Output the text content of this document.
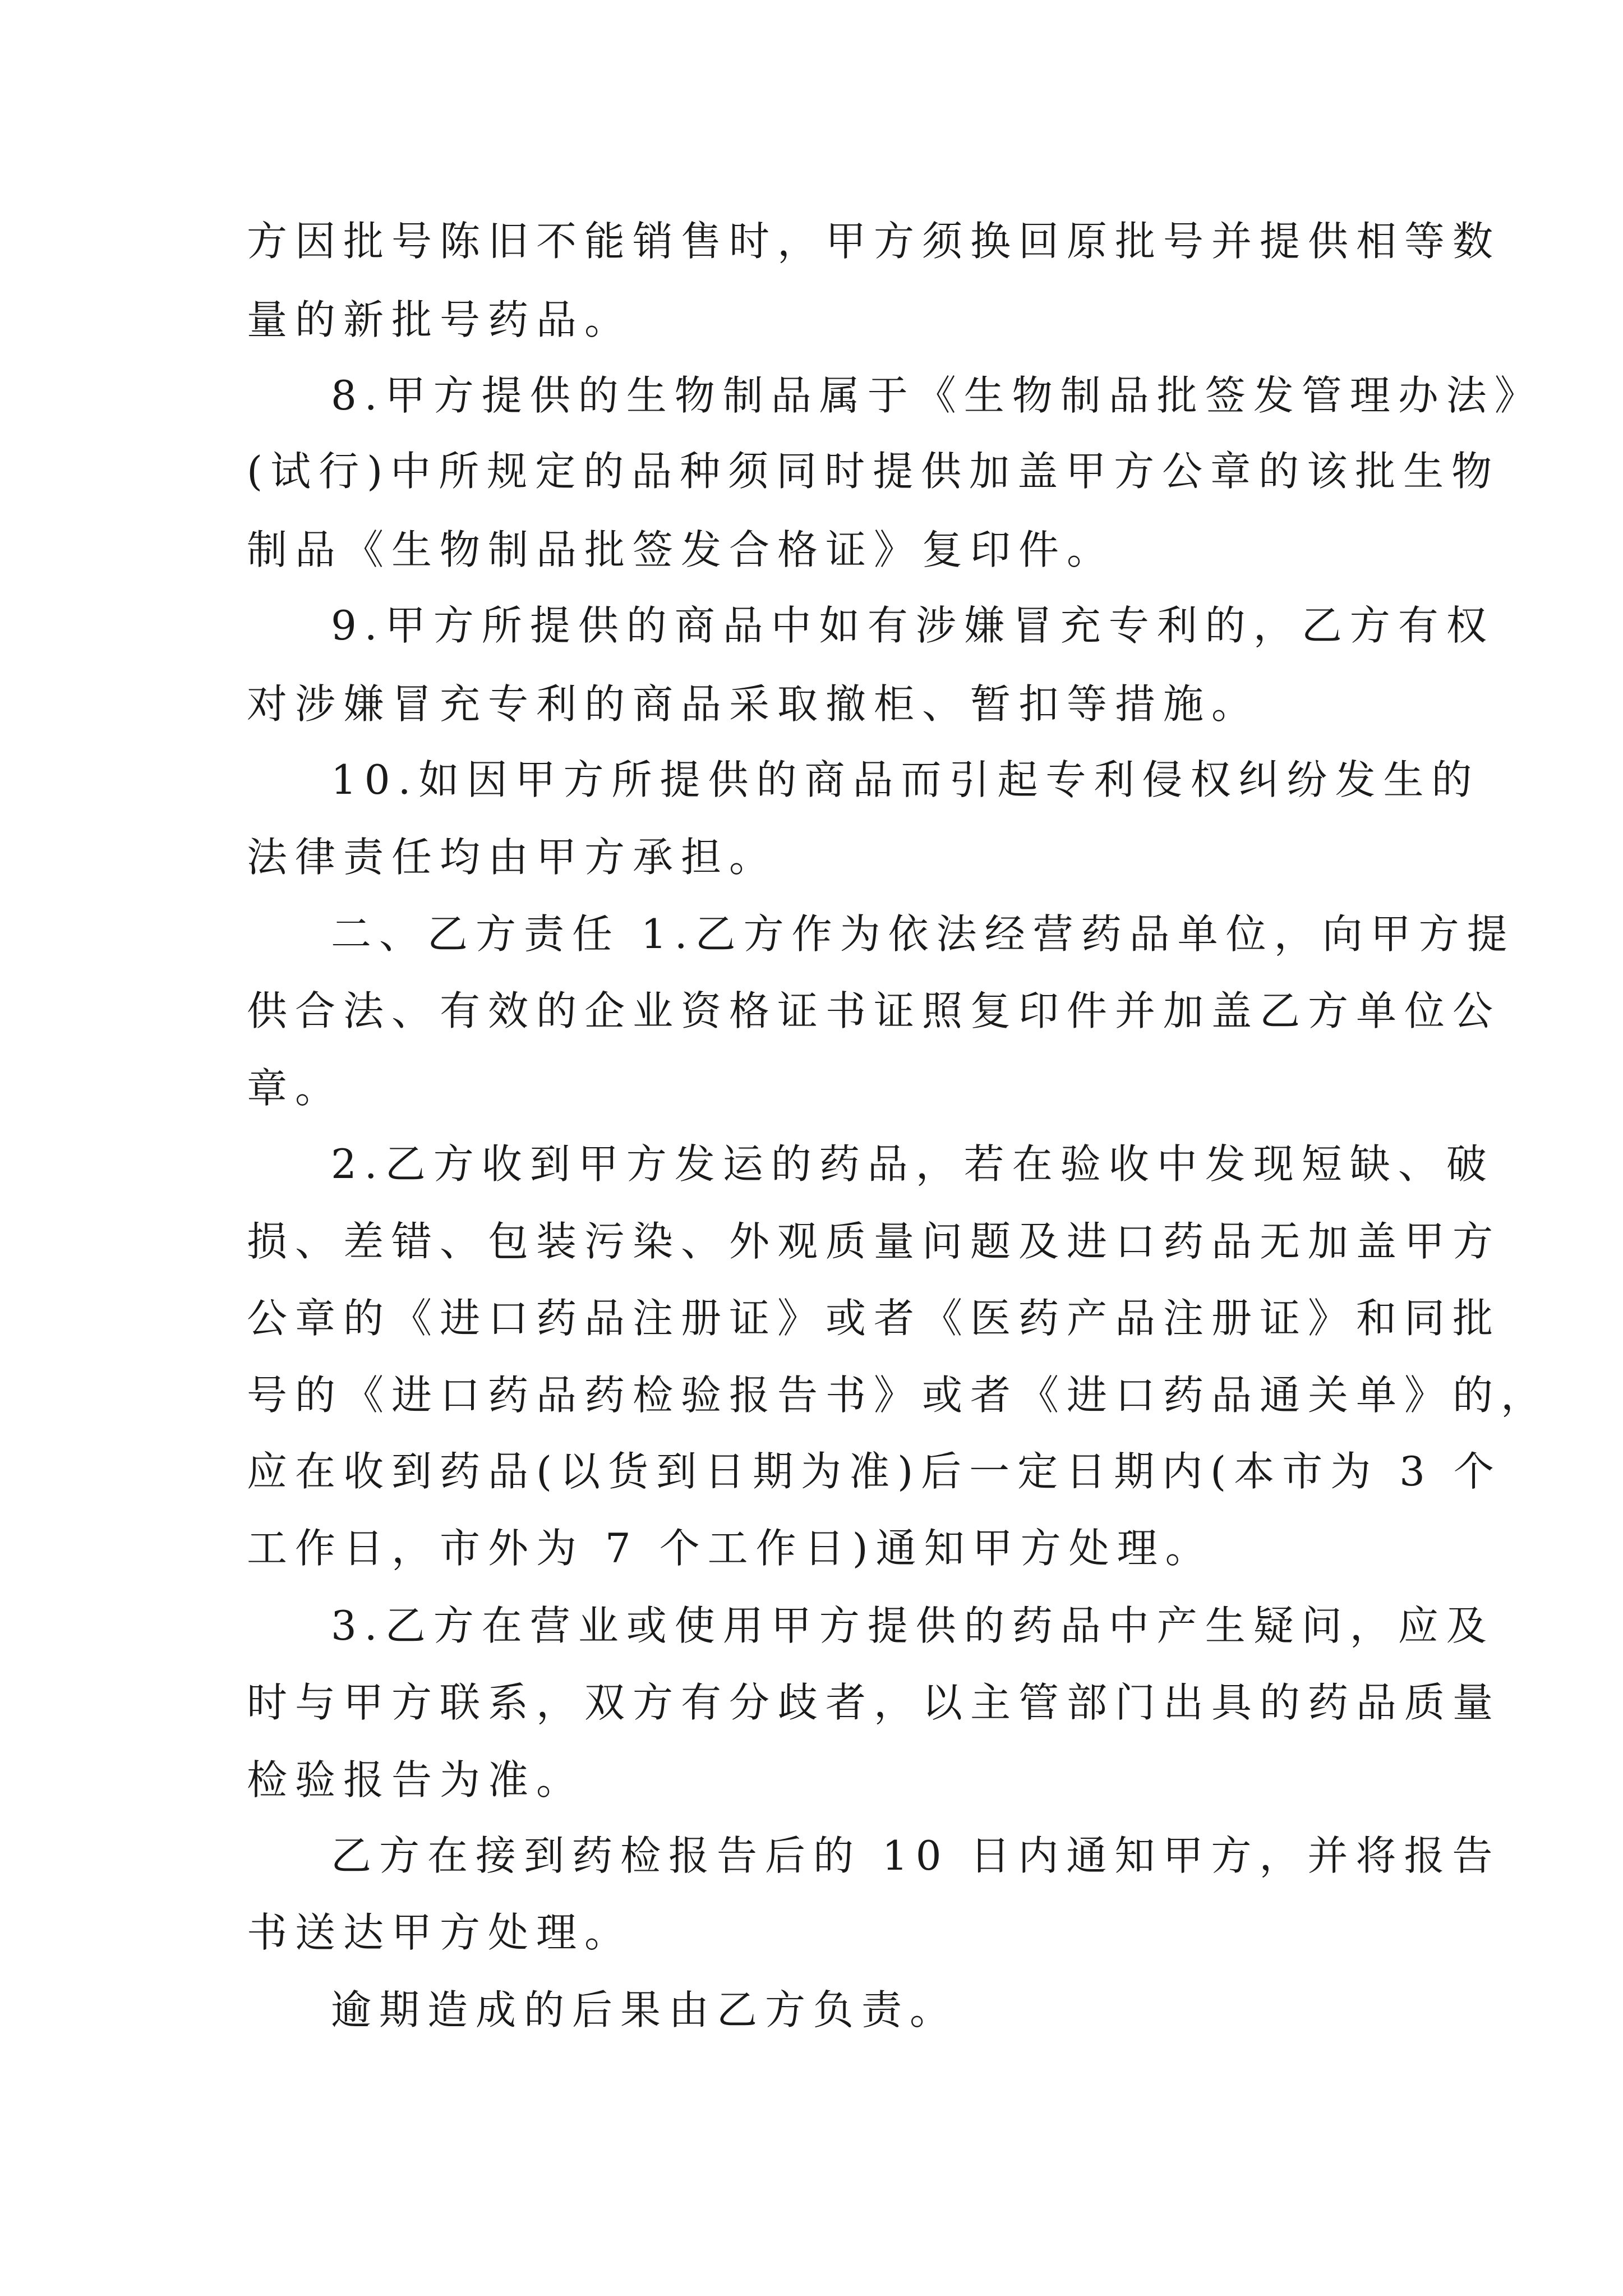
方因批号陈旧不能销售时，甲方须换回原批号并提供相等数
量的新批号药品。
8.甲方提供的生物制品属于《生物制品批签发管理办法》
(试行)中所规定的品种须同时提供加盖甲方公章的该批生物
制品《生物制品批签发合格证》复印件。
9.甲方所提供的商品中如有涉嫌冒充专利的，乙方有权
对涉嫌冒充专利的商品采取撤柜、暂扣等措施。
10.如因甲方所提供的商品而引起专利侵权纠纷发生的
法律责任均由甲方承担。
二、乙方责任 1.乙方作为依法经营药品单位，向甲方提
供合法、有效的企业资格证书证照复印件并加盖乙方单位公
章。
2.乙方收到甲方发运的药品，若在验收中发现短缺、破
损、差错、包装污染、外观质量问题及进口药品无加盖甲方
公章的《进口药品注册证》或者《医药产品注册证》和同批
号的《进口药品药检验报告书》或者《进口药品通关单》的，
应在收到药品(以货到日期为准)后一定日期内(本市为 3 个
工作日，市外为 7 个工作日)通知甲方处理。
3.乙方在营业或使用甲方提供的药品中产生疑问，应及
时与甲方联系，双方有分歧者，以主管部门出具的药品质量
检验报告为准。
乙方在接到药检报告后的 10 日内通知甲方，并将报告
书送达甲方处理。
逾期造成的后果由乙方负责。
